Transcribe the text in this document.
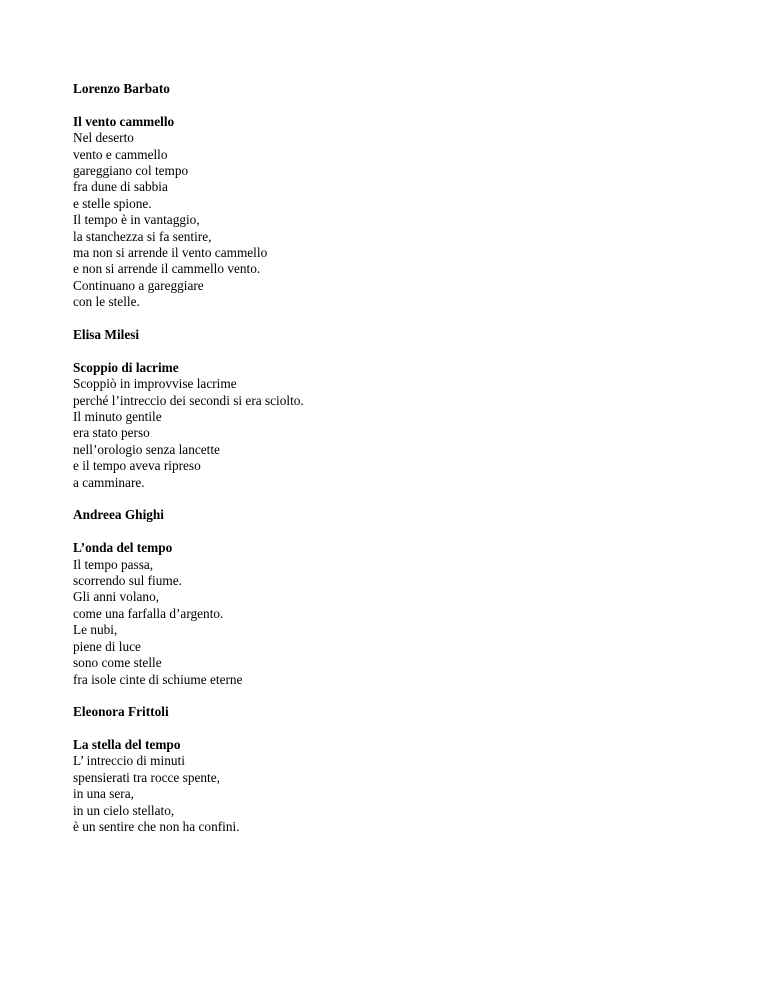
Lorenzo Barbato

Il vento cammello

Nel deserto

vento e cammello

gareggiano col tempo

fra dune di sabbia

e stelle spione.

Il tempo è in vantaggio,

la stanchezza si fa sentire,

ma non si arrende il vento cammello

e non si arrende il cammello vento.

Continuano a gareggiare

con le stelle.

Elisa Milesi

Scoppio di lacrime

Scoppiò in improvvise lacrime

perché l’intreccio dei secondi si era sciolto.

Il minuto gentile

era stato perso

nell’orologio senza lancette

e il tempo aveva ripreso

a camminare.

Andreea Ghighi

L’onda del tempo

Il tempo passa,

scorrendo sul fiume.

Gli anni volano,

come una farfalla d’argento.

Le nubi,

piene di luce

sono come stelle

fra isole cinte di schiume eterne

Eleonora Frittoli

La stella del tempo

L’ intreccio di minuti

spensierati tra rocce spente,

in una sera,

in un cielo stellato,

è un sentire che non ha confini.
